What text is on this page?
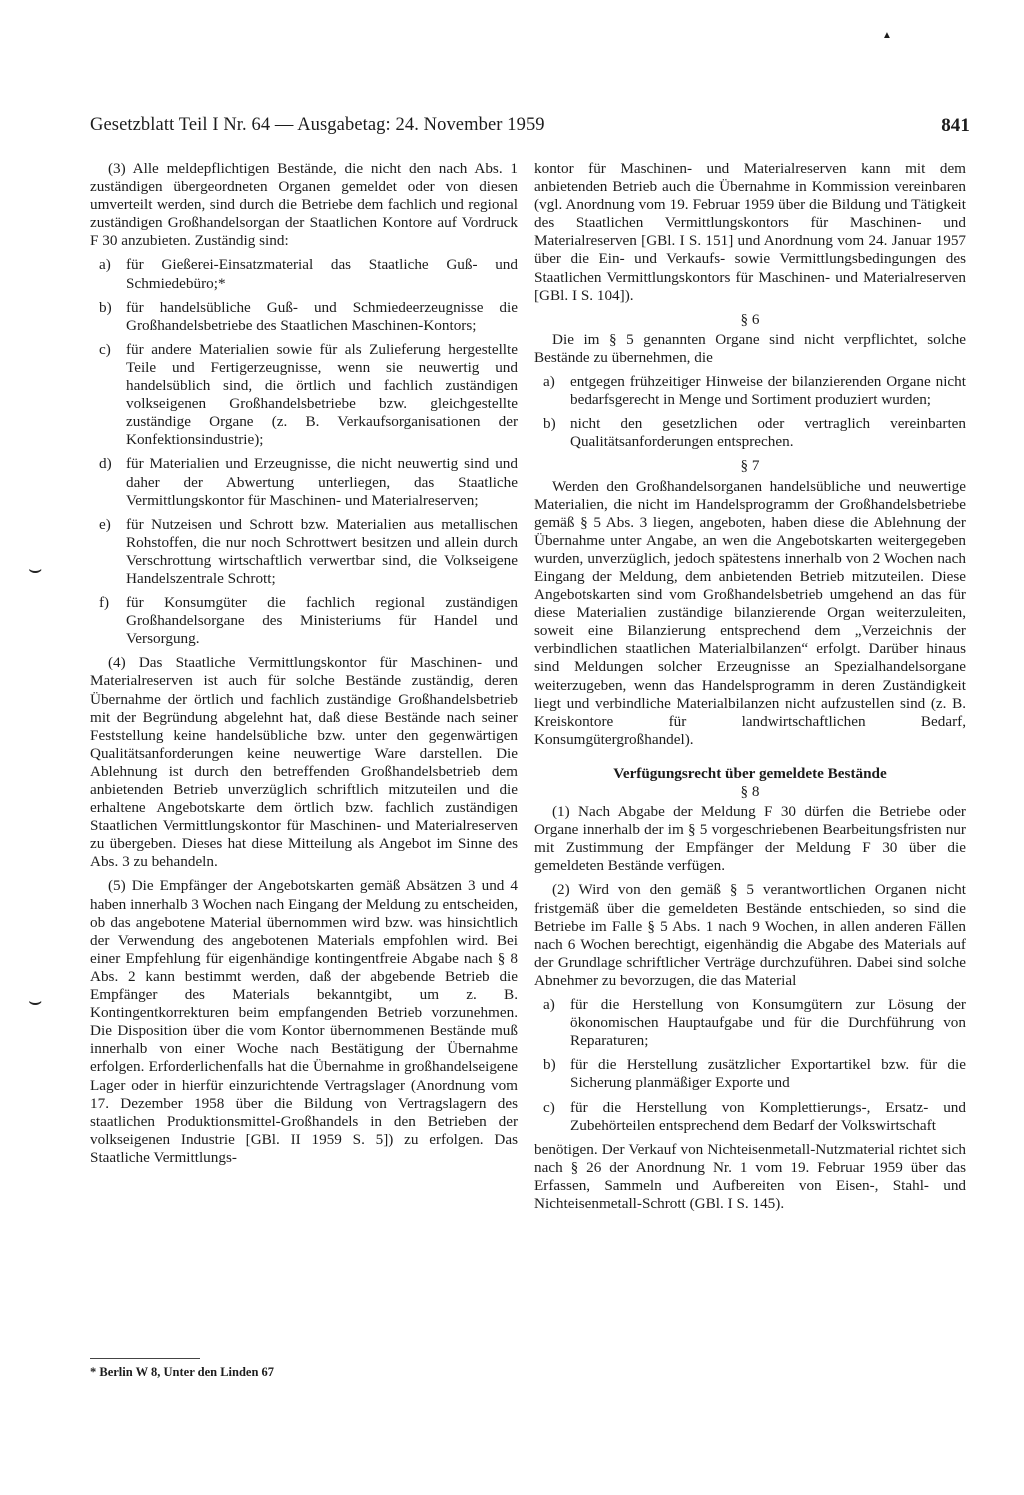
▲
Gesetzblatt Teil I Nr. 64 — Ausgabetag: 24. November 1959	841
⌣
⌣

(3) Alle meldepflichtigen Bestände, die nicht den nach Abs. 1 zuständigen übergeordneten Organen gemeldet oder von diesen umverteilt werden, sind durch die Betriebe dem fachlich und regional zuständigen Großhandelsorgan der Staatlichen Kontore auf Vordruck F 30 anzubieten. Zuständig sind:

a) für Gießerei-Einsatzmaterial das Staatliche Guß- und Schmiedebüro;*
b) für handelsübliche Guß- und Schmiedeerzeugnisse die Großhandelsbetriebe des Staatlichen Maschinen-Kontors;
c) für andere Materialien sowie für als Zulieferung hergestellte Teile und Fertigerzeugnisse, wenn sie neuwertig und handelsüblich sind, die örtlich und fachlich zuständigen volkseigenen Großhandelsbetriebe bzw. gleichgestellte zuständige Organe (z. B. Verkaufsorganisationen der Konfektionsindustrie);
d) für Materialien und Erzeugnisse, die nicht neuwertig sind und daher der Abwertung unterliegen, das Staatliche Vermittlungskontor für Maschinen- und Materialreserven;
e) für Nutzeisen und Schrott bzw. Materialien aus metallischen Rohstoffen, die nur noch Schrottwert besitzen und allein durch Verschrottung wirtschaftlich verwertbar sind, die Volkseigene Handelszentrale Schrott;
f)	für Konsumgüter die fachlich regional zuständigen Großhandelsorgane des Ministeriums für Handel und Versorgung.

(4) Das Staatliche Vermittlungskontor für Maschinen- und Materialreserven ist auch für solche Bestände zuständig, deren Übernahme der örtlich und fachlich zuständige Großhandelsbetrieb mit der Begründung abgelehnt hat, daß diese Bestände nach seiner Feststellung keine handelsübliche bzw. unter den gegenwärtigen Qualitätsanforderungen keine neuwertige Ware darstellen. Die Ablehnung ist durch den betreffenden Großhandelsbetrieb dem anbietenden Betrieb unverzüglich schriftlich mitzuteilen und die erhaltene Angebotskarte dem örtlich bzw. fachlich zuständigen Staatlichen Vermittlungskontor für Maschinen- und Materialreserven zu übergeben. Dieses hat diese Mitteilung als Angebot im Sinne des Abs. 3 zu behandeln.

(5) Die Empfänger der Angebotskarten gemäß Absätzen 3 und 4 haben innerhalb 3 Wochen nach Eingang der Meldung zu entscheiden, ob das angebotene Material übernommen wird bzw. was hinsichtlich der Verwendung des angebotenen Materials empfohlen wird. Bei einer Empfehlung für eigenhändige kontingentfreie Abgabe nach § 8 Abs. 2 kann bestimmt werden, daß der abgebende Betrieb die Empfänger des Materials bekanntgibt, um z. B. Kontingentkorrekturen beim empfangenden Betrieb vorzunehmen. Die Disposition über die vom Kontor übernommenen Bestände muß innerhalb von einer Woche nach Bestätigung der Übernahme erfolgen. Erforderlichenfalls hat die Übernahme in großhandelseigene Lager oder in hierfür einzurichtende Vertragslager (Anordnung vom 17. Dezember 1958 über die Bildung von Vertragslagern des staatlichen Produktionsmittel-Großhandels in den Betrieben der volkseigenen Industrie [GBl. II 1959 S. 5]) zu erfolgen. Das Staatliche Vermittlungs-

kontor für Maschinen- und Materialreserven kann mit dem anbietenden Betrieb auch die Übernahme in Kommission vereinbaren (vgl. Anordnung vom 19. Februar 1959 über die Bildung und Tätigkeit des Staatlichen Vermittlungskontors für Maschinen- und Materialreserven [GBl. I S. 151] und Anordnung vom 24. Januar 1957 über die Ein- und Verkaufs- sowie Vermittlungsbedingungen des Staatlichen Vermittlungskontors für Maschinen- und Materialreserven [GBl. I S. 104]).

§ 6

Die im § 5 genannten Organe sind nicht verpflichtet, solche Bestände zu übernehmen, die

a) entgegen frühzeitiger Hinweise der bilanzierenden Organe nicht bedarfsgerecht in Menge und Sortiment produziert wurden;
b) nicht den gesetzlichen oder vertraglich vereinbarten Qualitätsanforderungen entsprechen.
§ 7

Werden den Großhandelsorganen handelsübliche und neuwertige Materialien, die nicht im Handelsprogramm der Großhandelsbetriebe gemäß § 5 Abs. 3 liegen, angeboten, haben diese die Ablehnung der Übernahme unter Angabe, an wen die Angebotskarten weitergegeben wurden, unverzüglich, jedoch spätestens innerhalb von 2 Wochen nach Eingang der Meldung, dem anbietenden Betrieb mitzuteilen. Diese Angebotskarten sind vom Großhandelsbetrieb umgehend an das für diese Materialien zuständige bilanzierende Organ weiterzuleiten, soweit eine Bilanzierung entsprechend dem „Verzeichnis der verbindlichen staatlichen Materialbilanzen“ erfolgt. Darüber hinaus sind Meldungen solcher Erzeugnisse an Spezialhandelsorgane weiterzugeben, wenn das Handelsprogramm in deren Zuständigkeit liegt und verbindliche Materialbilanzen nicht aufzustellen sind (z. B. Kreiskontore für landwirtschaftlichen Bedarf, Konsumgütergroßhandel).

Verfügungsrecht über gemeldete Bestände
§ 8

(1) Nach Abgabe der Meldung F 30 dürfen die Betriebe oder Organe innerhalb der im § 5 vorgeschriebenen Bearbeitungsfristen nur mit Zustimmung der Empfänger der Meldung F 30 über die gemeldeten Bestände verfügen.

(2) Wird von den gemäß § 5 verantwortlichen Organen nicht fristgemäß über die gemeldeten Bestände entschieden, so sind die Betriebe im Falle § 5 Abs. 1 nach 9 Wochen, in allen anderen Fällen nach 6 Wochen berechtigt, eigenhändig die Abgabe des Materials auf der Grundlage schriftlicher Verträge durchzuführen. Dabei sind solche Abnehmer zu bevorzugen, die das Material

a) für die Herstellung von Konsumgütern zur Lösung der ökonomischen Hauptaufgabe und für die Durchführung von Reparaturen;
b) für die Herstellung zusätzlicher Exportartikel bzw. für die Sicherung planmäßiger Exporte und
c) für die Herstellung von Komplettierungs-, Ersatz- und Zubehörteilen entsprechend dem Bedarf der Volkswirtschaft

benötigen. Der Verkauf von Nichteisenmetall-Nutzmaterial richtet sich nach § 26 der Anordnung Nr. 1 vom 19. Februar 1959 über das Erfassen, Sammeln und Aufbereiten von Eisen-, Stahl- und Nichteisenmetall-Schrott (GBl. I S. 145).

* Berlin W 8, Unter den Linden 67
